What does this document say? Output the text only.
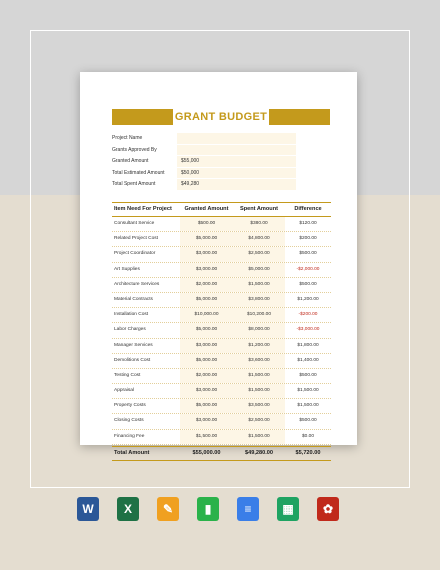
GRANT BUDGET
Project Name
Grants Approved By
Granted Amount	$55,000
Total Estimated Amount	$50,000
Total Spent Amount	$49,280
Item Need For Project	Granted Amount	Spent Amount	Difference
Consultant Service	$500.00	$380.00	$120.00
Related Project Cost	$5,000.00	$4,800.00	$200.00
Project Coordinator	$3,000.00	$2,500.00	$500.00
Art Supplies	$3,000.00	$5,000.00	-$2,000.00
Architecture Services	$2,000.00	$1,500.00	$500.00
Material Contracts	$5,000.00	$3,800.00	$1,200.00
Installation Cost	$10,000.00	$10,200.00	-$200.00
Labor Charges	$5,000.00	$8,000.00	-$3,000.00
Manager Services	$3,000.00	$1,200.00	$1,800.00
Demolitions Cost	$5,000.00	$3,600.00	$1,400.00
Testing Cost	$2,000.00	$1,500.00	$500.00
Appraisal	$3,000.00	$1,500.00	$1,500.00
Property Costs	$5,000.00	$3,500.00	$1,500.00
Closing Costs	$3,000.00	$2,500.00	$500.00
Financing Fee	$1,500.00	$1,500.00	$0.00
Total Amount	$55,000.00	$49,280.00	$5,720.00
W	X	✎	▮	≡	▦	✿
